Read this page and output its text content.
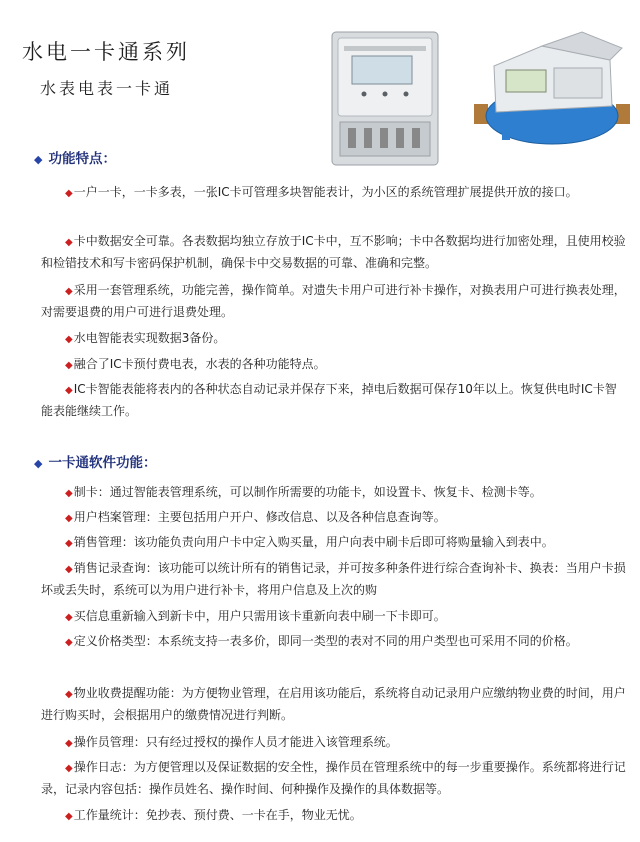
水电一卡通系列
水表电表一卡通
◆ 功能特点：
◆一户一卡，一卡多表，一张IC卡可管理多块智能表计，为小区的系统管理扩展提供开放的接口。
◆卡中数据安全可靠。各表数据均独立存放于IC卡中，互不影响；卡中各数据均进行加密处理，且使用校验和检错技术和写卡密码保护机制，确保卡中交易数据的可靠、准确和完整。
◆采用一套管理系统，功能完善，操作简单。对遗失卡用户可进行补卡操作，对换表用户可进行换表处理，对需要退费的用户可进行退费处理。
◆水电智能表实现数据3备份。
◆融合了IC卡预付费电表，水表的各种功能特点。
◆IC卡智能表能将表内的各种状态自动记录并保存下来，掉电后数据可保存10年以上。恢复供电时IC卡智能表能继续工作。
◆ 一卡通软件功能：
◆制卡：通过智能表管理系统，可以制作所需要的功能卡，如设置卡、恢复卡、检测卡等。
◆用户档案管理：主要包括用户开户、修改信息、以及各种信息查询等。
◆销售管理：该功能负责向用户卡中定入购买量，用户向表中刷卡后即可将购量输入到表中。
◆销售记录查询：该功能可以统计所有的销售记录，并可按多种条件进行综合查询补卡、换表：当用户卡损坏或丢失时，系统可以为用户进行补卡，将用户信息及上次的购
◆买信息重新输入到新卡中，用户只需用该卡重新向表中刷一下卡即可。
◆定义价格类型：本系统支持一表多价，即同一类型的表对不同的用户类型也可采用不同的价格。
◆物业收费提醒功能：为方便物业管理，在启用该功能后，系统将自动记录用户应缴纳物业费的时间，用户进行购买时，会根据用户的缴费情况进行判断。
◆操作员管理：只有经过授权的操作人员才能进入该管理系统。
◆操作日志：为方便管理以及保证数据的安全性，操作员在管理系统中的每一步重要操作。系统都将进行记录，记录内容包括：操作员姓名、操作时间、何种操作及操作的具体数据等。
◆工作量统计：免抄表、预付费、一卡在手，物业无忧。
